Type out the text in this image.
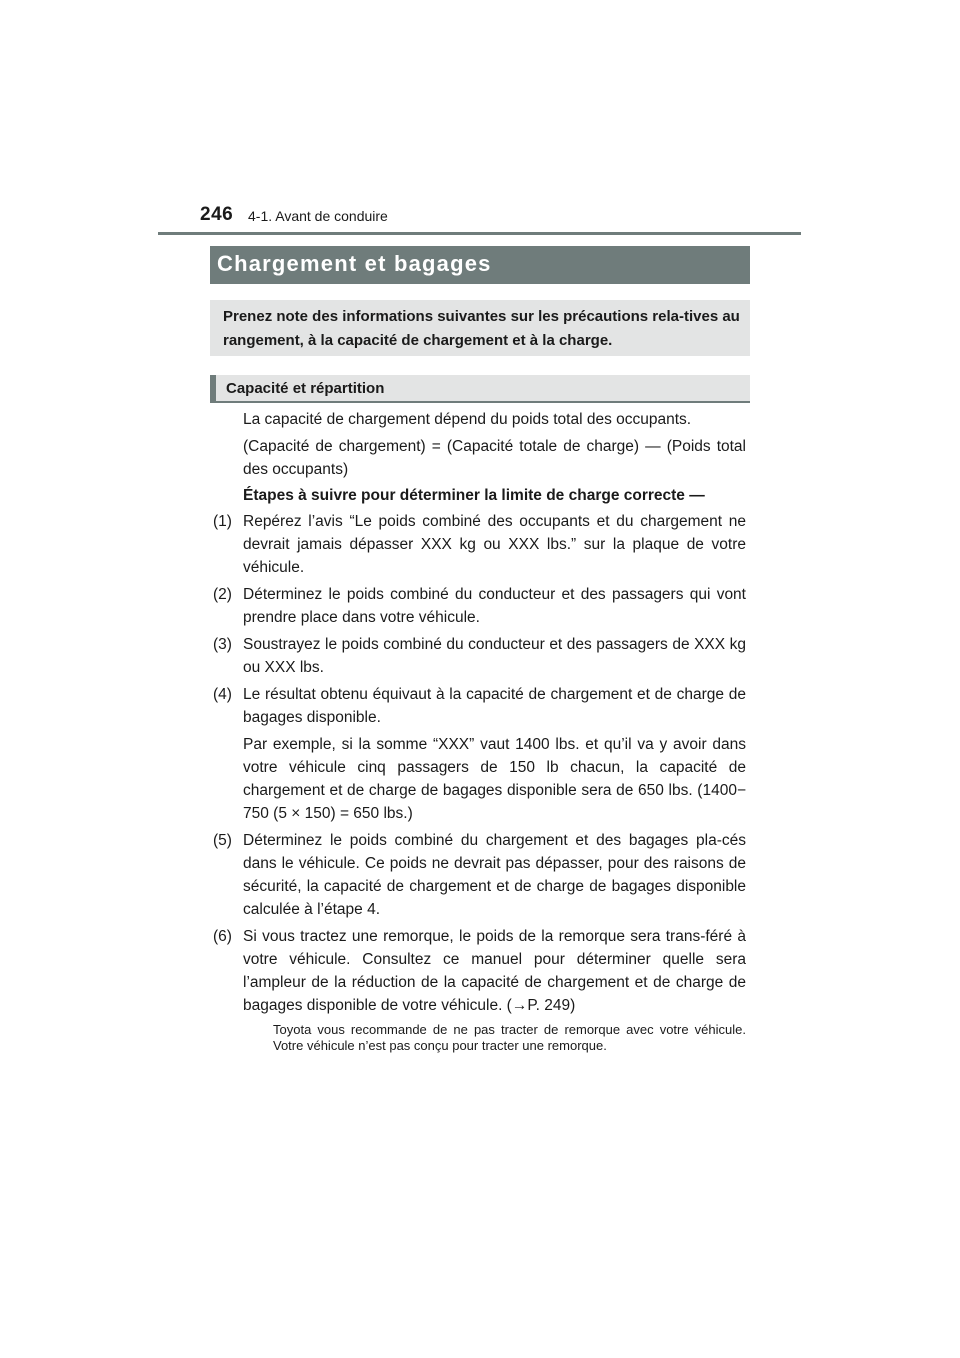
246 4-1. Avant de conduire
Chargement et bagages
Prenez note des informations suivantes sur les précautions rela-tives au rangement, à la capacité de chargement et à la charge.
Capacité et répartition

La capacité de chargement dépend du poids total des occupants.

(Capacité de chargement) = (Capacité totale de charge) — (Poids total des occupants)

Étapes à suivre pour déterminer la limite de charge correcte —

(1) Repérez l’avis “Le poids combiné des occupants et du chargement ne devrait jamais dépasser XXX kg ou XXX lbs.” sur la plaque de votre véhicule.
(2) Déterminez le poids combiné du conducteur et des passagers qui vont prendre place dans votre véhicule.
(3) Soustrayez le poids combiné du conducteur et des passagers de XXX kg ou XXX lbs.
(4) Le résultat obtenu équivaut à la capacité de chargement et de charge de bagages disponible.
Par exemple, si la somme “XXX” vaut 1400 lbs. et qu’il va y avoir dans votre véhicule cinq passagers de 150 lb chacun, la capacité de chargement et de charge de bagages disponible sera de 650 lbs. (1400− 750 (5 × 150) = 650 lbs.)
(5) Déterminez le poids combiné du chargement et des bagages pla-cés dans le véhicule. Ce poids ne devrait pas dépasser, pour des raisons de sécurité, la capacité de chargement et de charge de bagages disponible calculée à l’étape 4.
(6) Si vous tractez une remorque, le poids de la remorque sera trans-féré à votre véhicule. Consultez ce manuel pour déterminer quelle sera l’ampleur de la réduction de la capacité de chargement et de charge de bagages disponible de votre véhicule. (→P. 249)
Toyota vous recommande de ne pas tracter de remorque avec votre véhicule. Votre véhicule n’est pas conçu pour tracter une remorque.
